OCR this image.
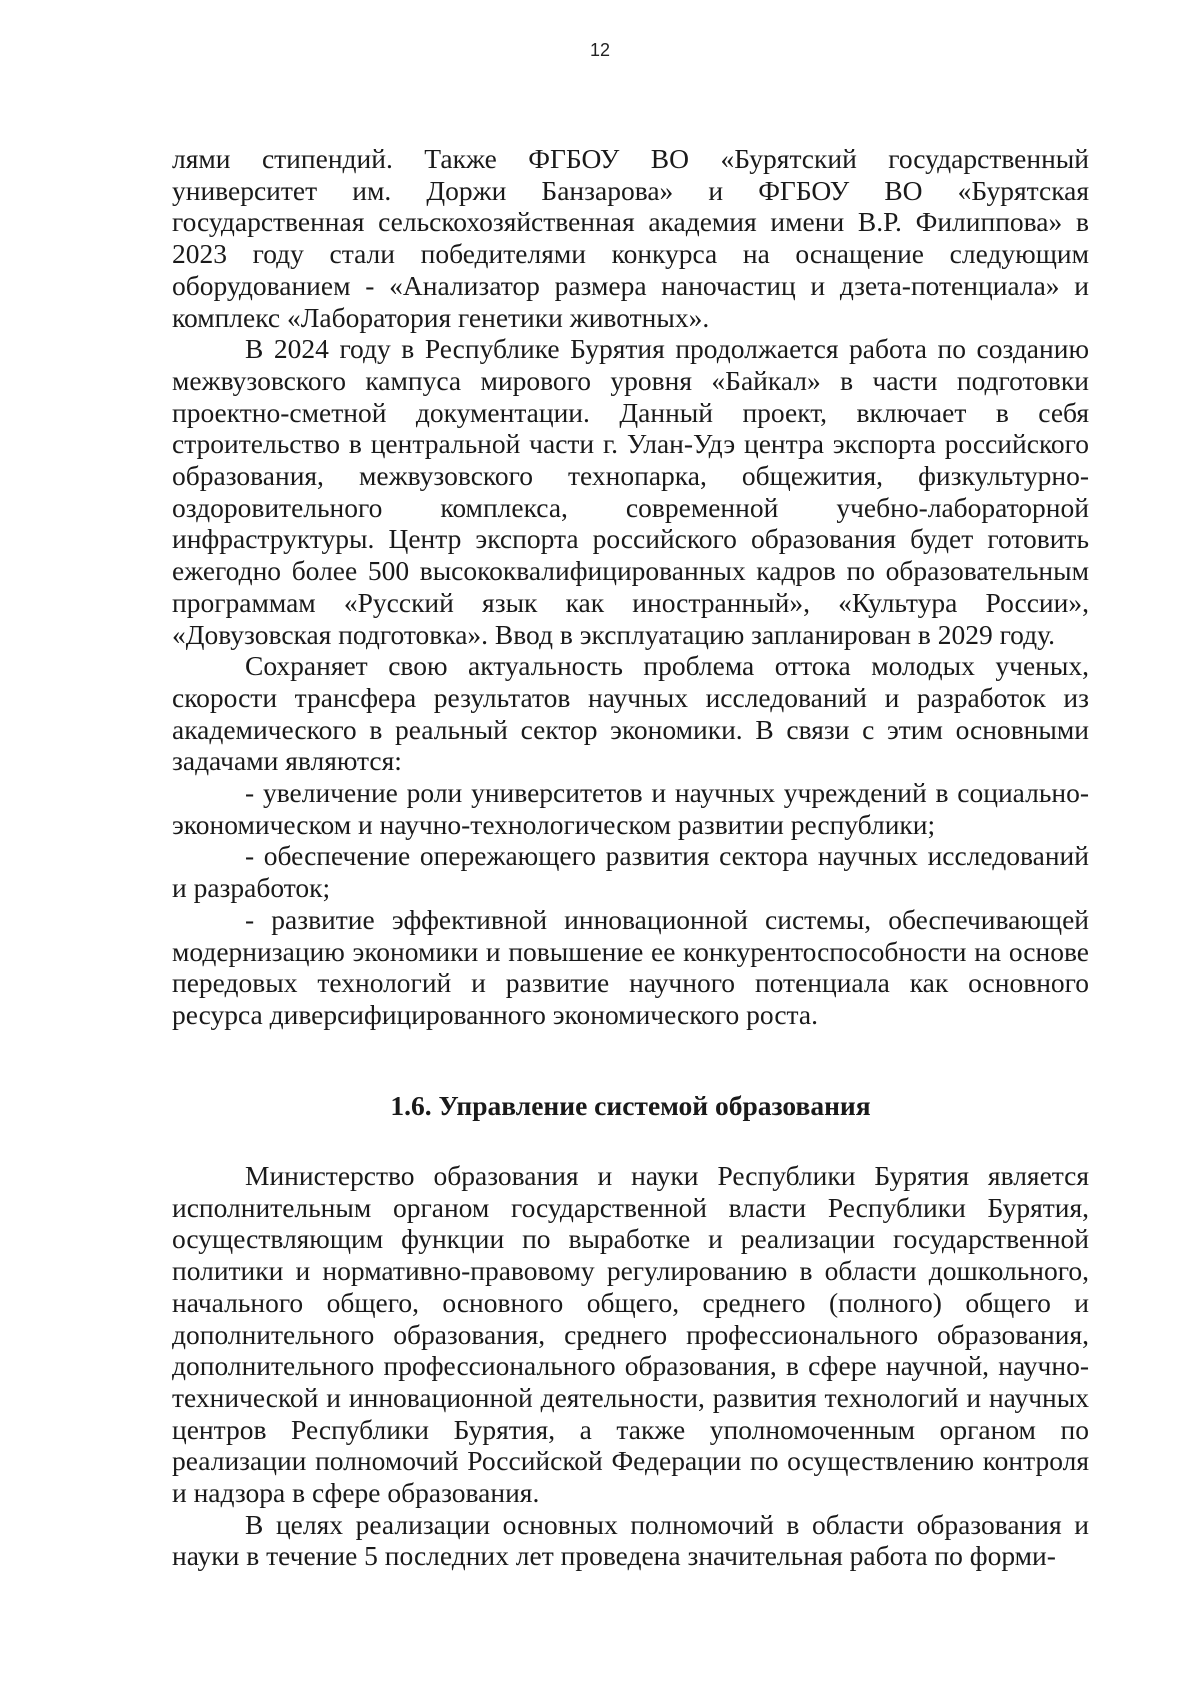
12

лями стипендий. Также ФГБОУ ВО «Бурятский государственный университет им. Доржи Банзарова» и ФГБОУ ВО «Бурятская государственная сельскохозяйственная академия имени В.Р. Филиппова» в 2023 году стали победителями конкурса на оснащение следующим оборудованием - «Анализатор размера наночастиц и дзета-потенциала» и комплекс «Лаборатория генетики животных».

В 2024 году в Республике Бурятия продолжается работа по созданию межвузовского кампуса мирового уровня «Байкал» в части подготовки проектно-сметной документации. Данный проект, включает в себя строительство в центральной части г. Улан-Удэ центра экспорта российского образования, межвузовского технопарка, общежития, физкультурно-оздоровительного комплекса, современной учебно-лабораторной инфраструктуры. Центр экспорта российского образования будет готовить ежегодно более 500 высококвалифицированных кадров по образовательным программам «Русский язык как иностранный», «Культура России», «Довузовская подготовка». Ввод в эксплуатацию запланирован в 2029 году.

Сохраняет свою актуальность проблема оттока молодых ученых, скорости трансфера результатов научных исследований и разработок из академического в реальный сектор экономики. В связи с этим основными задачами являются:

- увеличение роли университетов и научных учреждений в социально-экономическом и научно-технологическом развитии республики;

- обеспечение опережающего развития сектора научных исследований и разработок;

- развитие эффективной инновационной системы, обеспечивающей модернизацию экономики и повышение ее конкурентоспособности на основе передовых технологий и развитие научного потенциала как основного ресурса диверсифицированного экономического роста.

1.6. Управление системой образования

Министерство образования и науки Республики Бурятия является исполнительным органом государственной власти Республики Бурятия, осуществляющим функции по выработке и реализации государственной политики и нормативно-правовому регулированию в области дошкольного, начального общего, основного общего, среднего (полного) общего и дополнительного образования, среднего профессионального образования, дополнительного профессионального образования, в сфере научной, научно-технической и инновационной деятельности, развития технологий и научных центров Республики Бурятия, а также уполномоченным органом по реализации полномочий Российской Федерации по осуществлению контроля и надзора в сфере образования.

В целях реализации основных полномочий в области образования и науки в течение 5 последних лет проведена значительная работа по форми-
